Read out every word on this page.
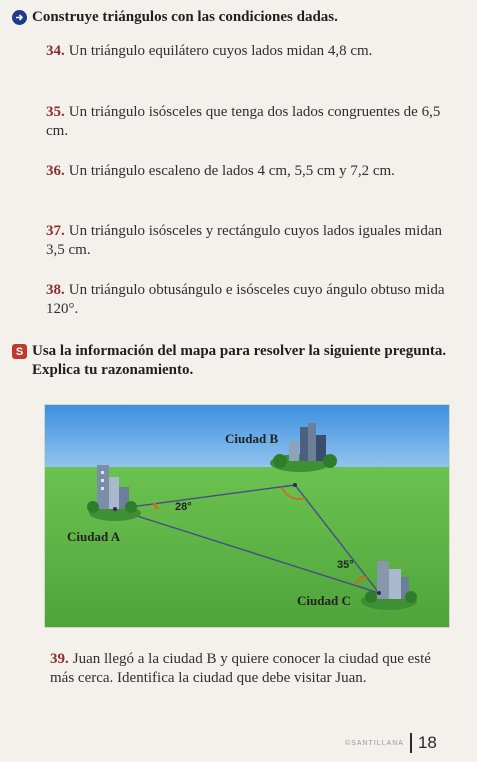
Construye triángulos con las condiciones dadas.
34. Un triángulo equilátero cuyos lados midan 4,8 cm.
35. Un triángulo isósceles que tenga dos lados congruentes de 6,5 cm.
36. Un triángulo escaleno de lados 4 cm, 5,5 cm y 7,2 cm.
37. Un triángulo isósceles y rectángulo cuyos lados iguales midan 3,5 cm.
38. Un triángulo obtusángulo e isósceles cuyo ángulo obtuso mida 120°.
S Usa la información del mapa para resolver la siguiente pregunta. Explica tu razonamiento.
Ciudad B
Ciudad A
Ciudad C
28°
35°
39. Juan llegó a la ciudad B y quiere conocer la ciudad que esté más cerca. Identifica la ciudad que debe visitar Juan.
©SANTILLANA 18
